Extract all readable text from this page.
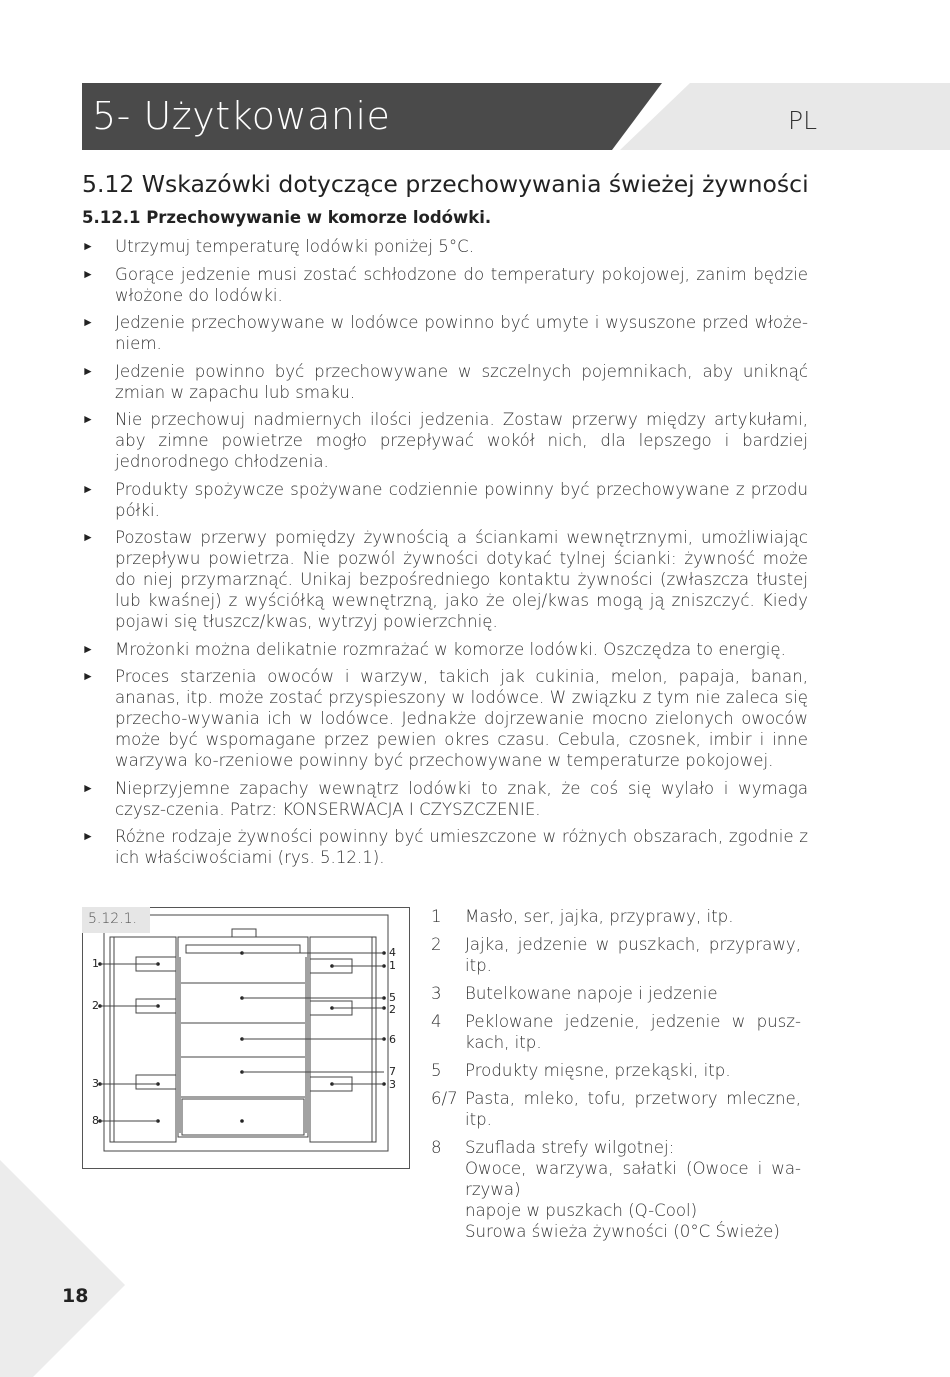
5- Użytkowanie	PL
5.12 Wskazówki dotyczące przechowywania świeżej żywności
5.12.1 Przechowywanie w komorze lodówki.
► Utrzymuj temperaturę lodówki poniżej 5°C.
► Gorące jedzenie musi zostać schłodzone do temperatury pokojowej, zanim będzie włożone do lodówki.
► Jedzenie przechowywane w lodówce powinno być umyte i wysuszone przed włoże-niem.
► Jedzenie powinno być przechowywane w szczelnych pojemnikach, aby uniknąć zmian w zapachu lub smaku.
► Nie przechowuj nadmiernych ilości jedzenia. Zostaw przerwy między artykułami, aby zimne powietrze mogło przepływać wokół nich, dla lepszego i bardziej jednorodnego chłodzenia.
► Produkty spożywcze spożywane codziennie powinny być przechowywane z przodu półki.
► Pozostaw przerwy pomiędzy żywnością a ściankami wewnętrznymi, umożliwiając przepływu powietrza. Nie pozwól żywności dotykać tylnej ścianki: żywność może do niej przymarznąć. Unikaj bezpośredniego kontaktu żywności (zwłaszcza tłustej lub kwaśnej) z wyściółką wewnętrzną, jako że olej/kwas mogą ją zniszczyć. Kiedy pojawi się tłuszcz/kwas, wytrzyj powierzchnię.
► Mrożonki można delikatnie rozmrażać w komorze lodówki. Oszczędza to energię.
► Proces starzenia owoców i warzyw, takich jak cukinia, melon, papaja, banan, ananas, itp. może zostać przyspieszony w lodówce. W związku z tym nie zaleca się przecho-wywania ich w lodówce. Jednakże dojrzewanie mocno zielonych owoców może być wspomagane przez pewien okres czasu. Cebula, czosnek, imbir i inne warzywa ko-rzeniowe powinny być przechowywane w temperaturze pokojowej.
► Nieprzyjemne zapachy wewnątrz lodówki to znak, że coś się wylało i wymaga czysz-czenia. Patrz: KONSERWACJA I CZYSZCZENIE.
► Różne rodzaje żywności powinny być umieszczone w różnych obszarach, zgodnie z ich właściwościami (rys. 5.12.1).
1
2
3
8
4
1
5
2
6
7
3
5.12.1.	1 Masło, ser, jajka, przyprawy, itp.
2 Jajka, jedzenie w puszkach, przyprawy, itp.
3 Butelkowane napoje i jedzenie
4 Peklowane jedzenie, jedzenie w pusz-kach, itp.
5 Produkty mięsne, przekąski, itp.
6/7 Pasta, mleko, tofu, przetwory mleczne, itp.
8 Szuflada strefy wilgotnej:
Owoce, warzywa, sałatki (Owoce i wa-rzywa)
napoje w puszkach (Q-Cool)
Surowa świeża żywności (0°C Świeże)
18
